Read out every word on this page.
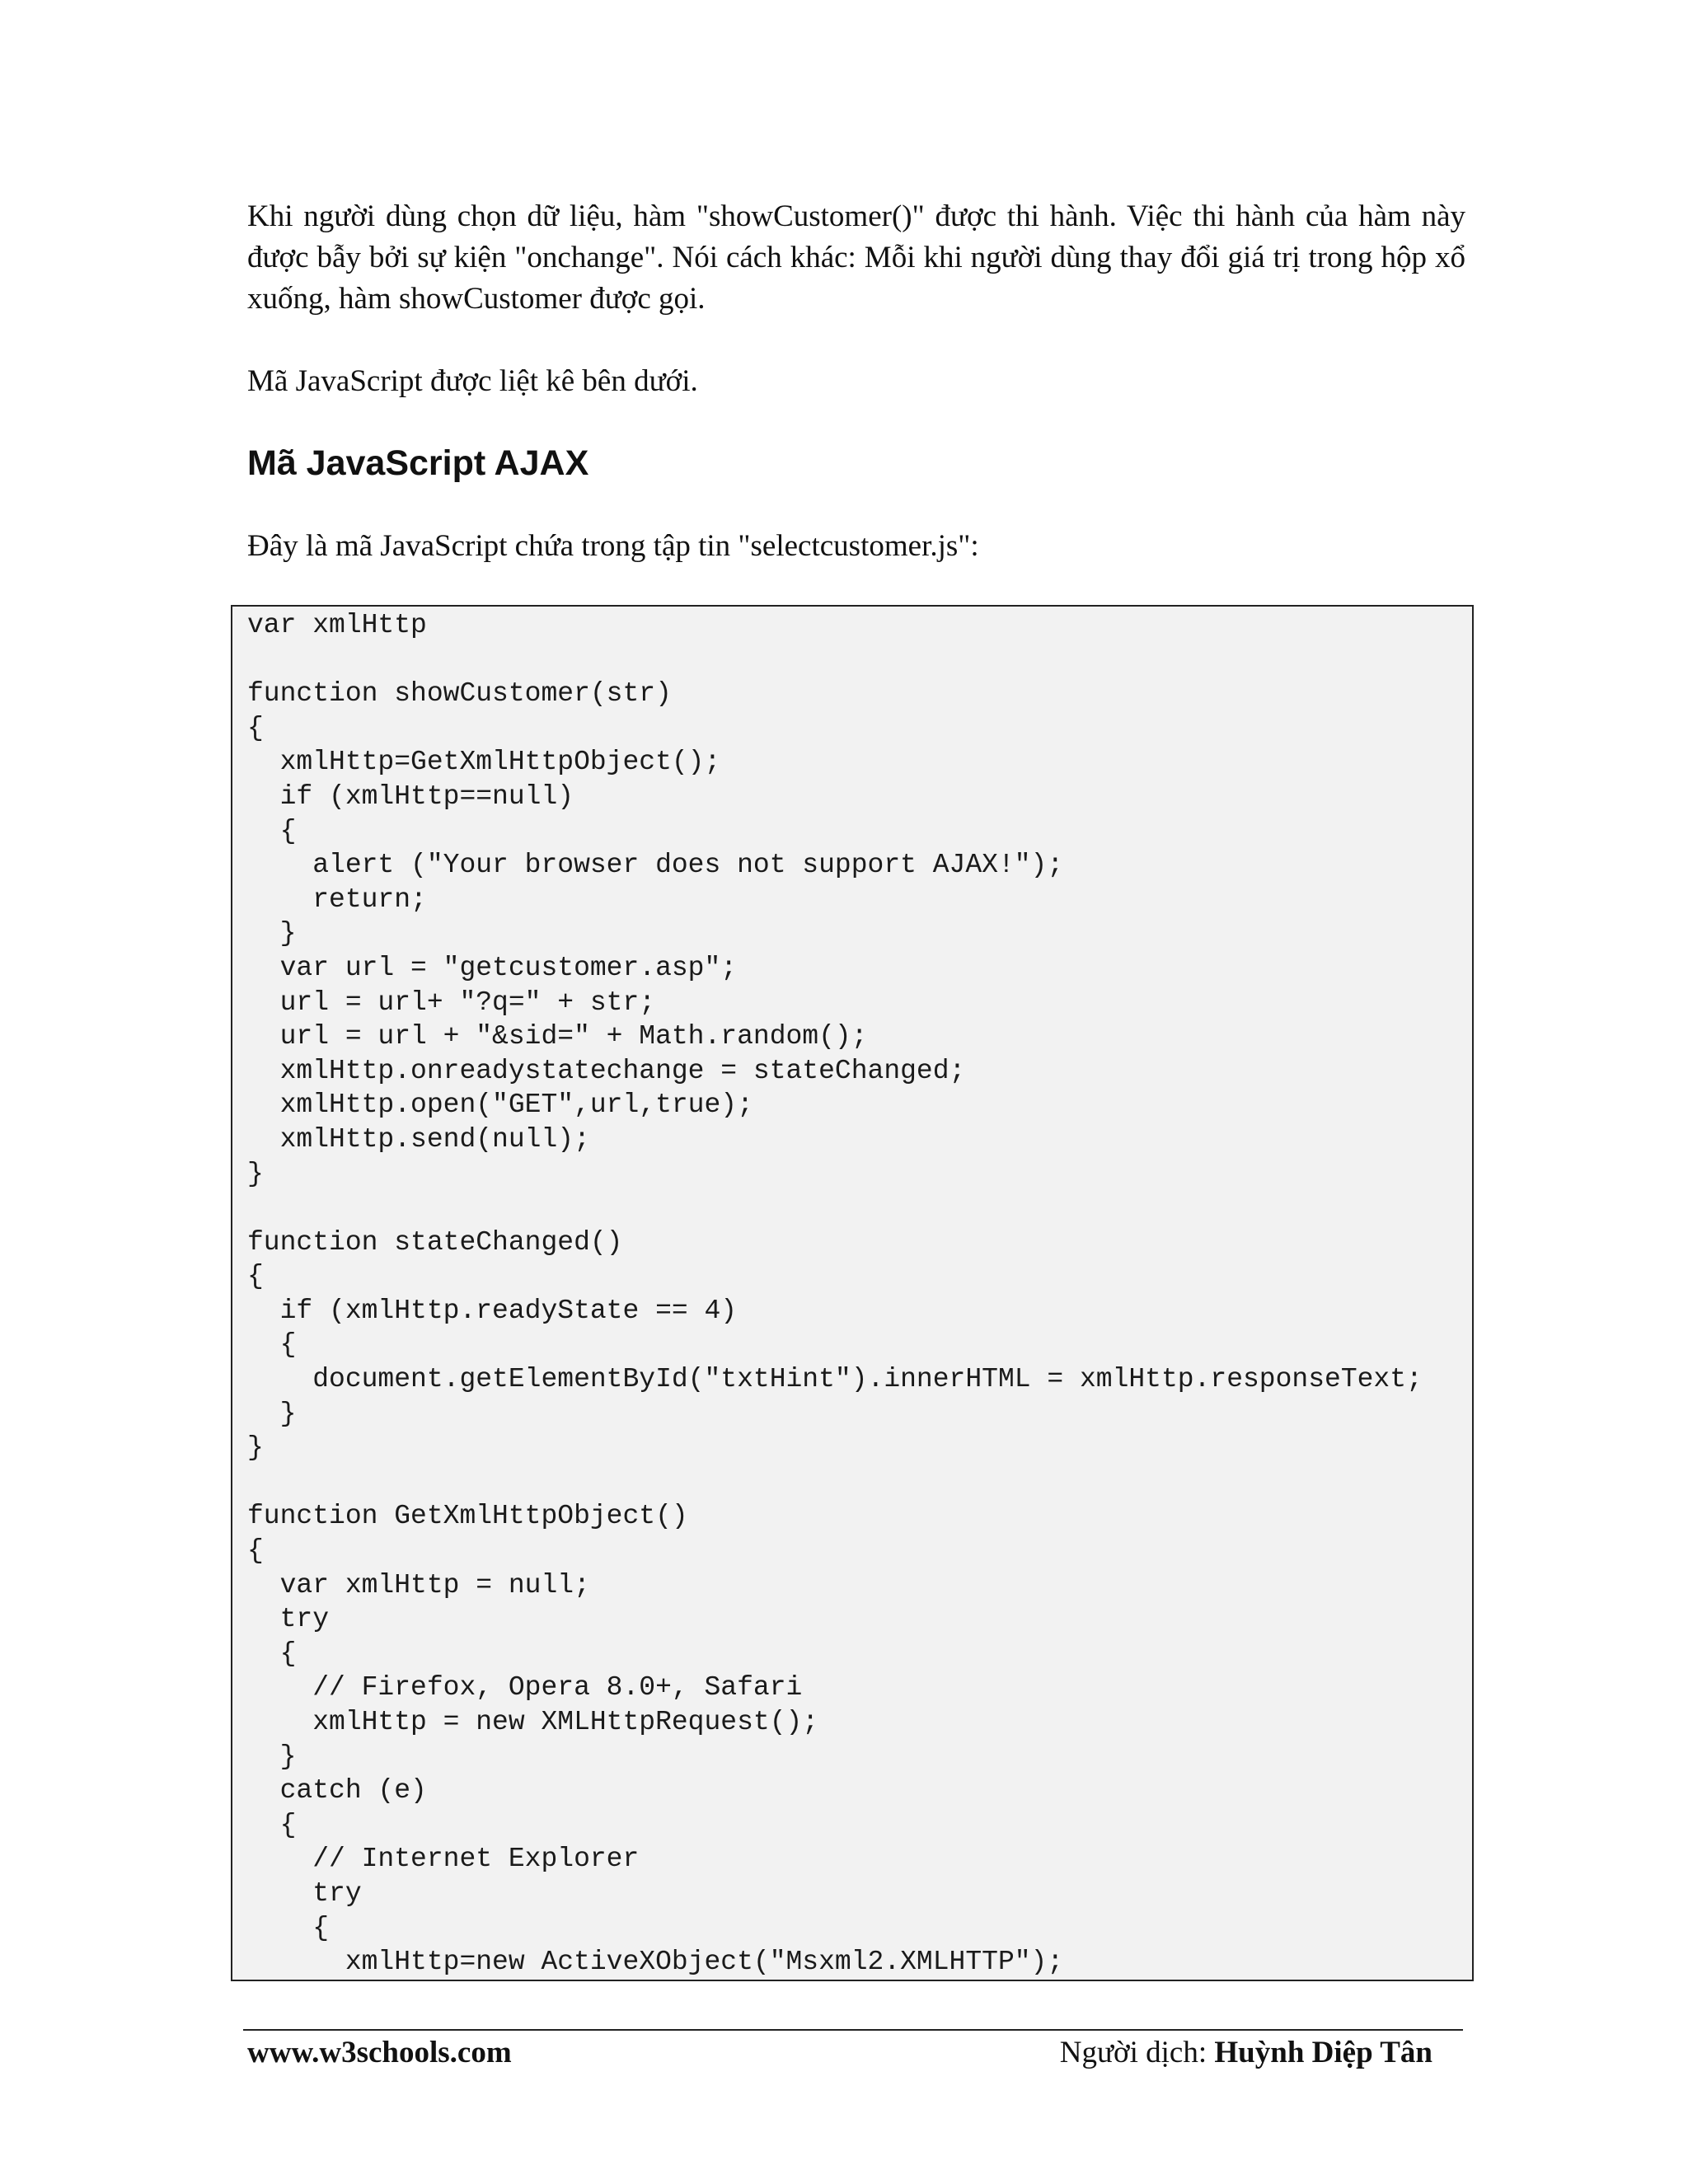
Khi người dùng chọn dữ liệu, hàm "showCustomer()" được thi hành. Việc thi hành của hàm này được bẫy bởi sự kiện "onchange". Nói cách khác: Mỗi khi người dùng thay đổi giá trị trong hộp xổ xuống, hàm showCustomer được gọi.

Mã JavaScript được liệt kê bên dưới.

Mã JavaScript AJAX

Đây là mã JavaScript chứa trong tập tin "selectcustomer.js":

var xmlHttp

function showCustomer(str)
{
xmlHttp=GetXmlHttpObject();
if (xmlHttp==null)
{
alert ("Your browser does not support AJAX!");
return;
}
var url = "getcustomer.asp";
url = url+ "?q=" + str;
url = url + "&sid=" + Math.random();
xmlHttp.onreadystatechange = stateChanged;
xmlHttp.open("GET",url,true);
xmlHttp.send(null);
}

function stateChanged()
{
if (xmlHttp.readyState == 4)
{
document.getElementById("txtHint").innerHTML = xmlHttp.responseText;
}
}

function GetXmlHttpObject()
{
var xmlHttp = null;
try
{
// Firefox, Opera 8.0+, Safari
xmlHttp = new XMLHttpRequest();
}
catch (e)
{
// Internet Explorer
try
{
xmlHttp=new ActiveXObject("Msxml2.XMLHTTP");

www.w3schools.com	Người dịch: Huỳnh Diệp Tân
